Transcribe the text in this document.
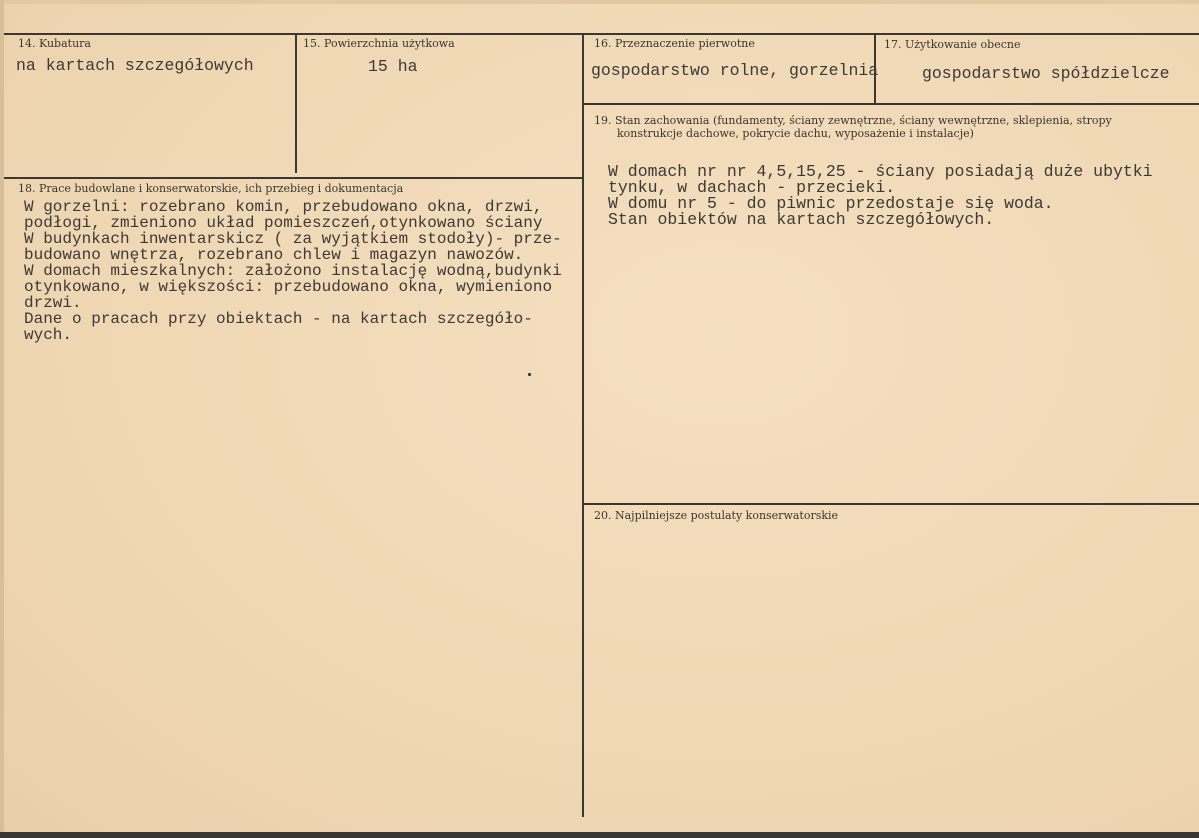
14. Kubatura
na kartach szczegółowych
15. Powierzchnia użytkowa
15 ha
16. Przeznaczenie pierwotne
gospodarstwo rolne, gorzelnia
17. Użytkowanie obecne
gospodarstwo spółdzielcze
19. Stan zachowania (fundamenty, ściany zewnętrzne, ściany wewnętrzne, sklepienia, stropy
konstrukcje dachowe, pokrycie dachu, wyposażenie i instalacje)
W domach nr nr 4,5,15,25 - ściany posiadają duże ubytki
tynku, w dachach - przecieki.
W domu nr 5 - do piwnic przedostaje się woda.
Stan obiektów na kartach szczegółowych.
18. Prace budowlane i konserwatorskie, ich przebieg i dokumentacja
W gorzelni: rozebrano komin, przebudowano okna, drzwi,
podłogi, zmieniono układ pomieszczeń,otynkowano ściany
W budynkach inwentarskicz ( za wyjątkiem stodoły)- prze-
budowano wnętrza, rozebrano chlew i magazyn nawozów.
W domach mieszkalnych: założono instalację wodną,budynki
otynkowano, w większości: przebudowano okna, wymieniono
drzwi.
Dane o pracach przy obiektach - na kartach szczegóło-
wych.
20. Najpilniejsze postulaty konserwatorskie
